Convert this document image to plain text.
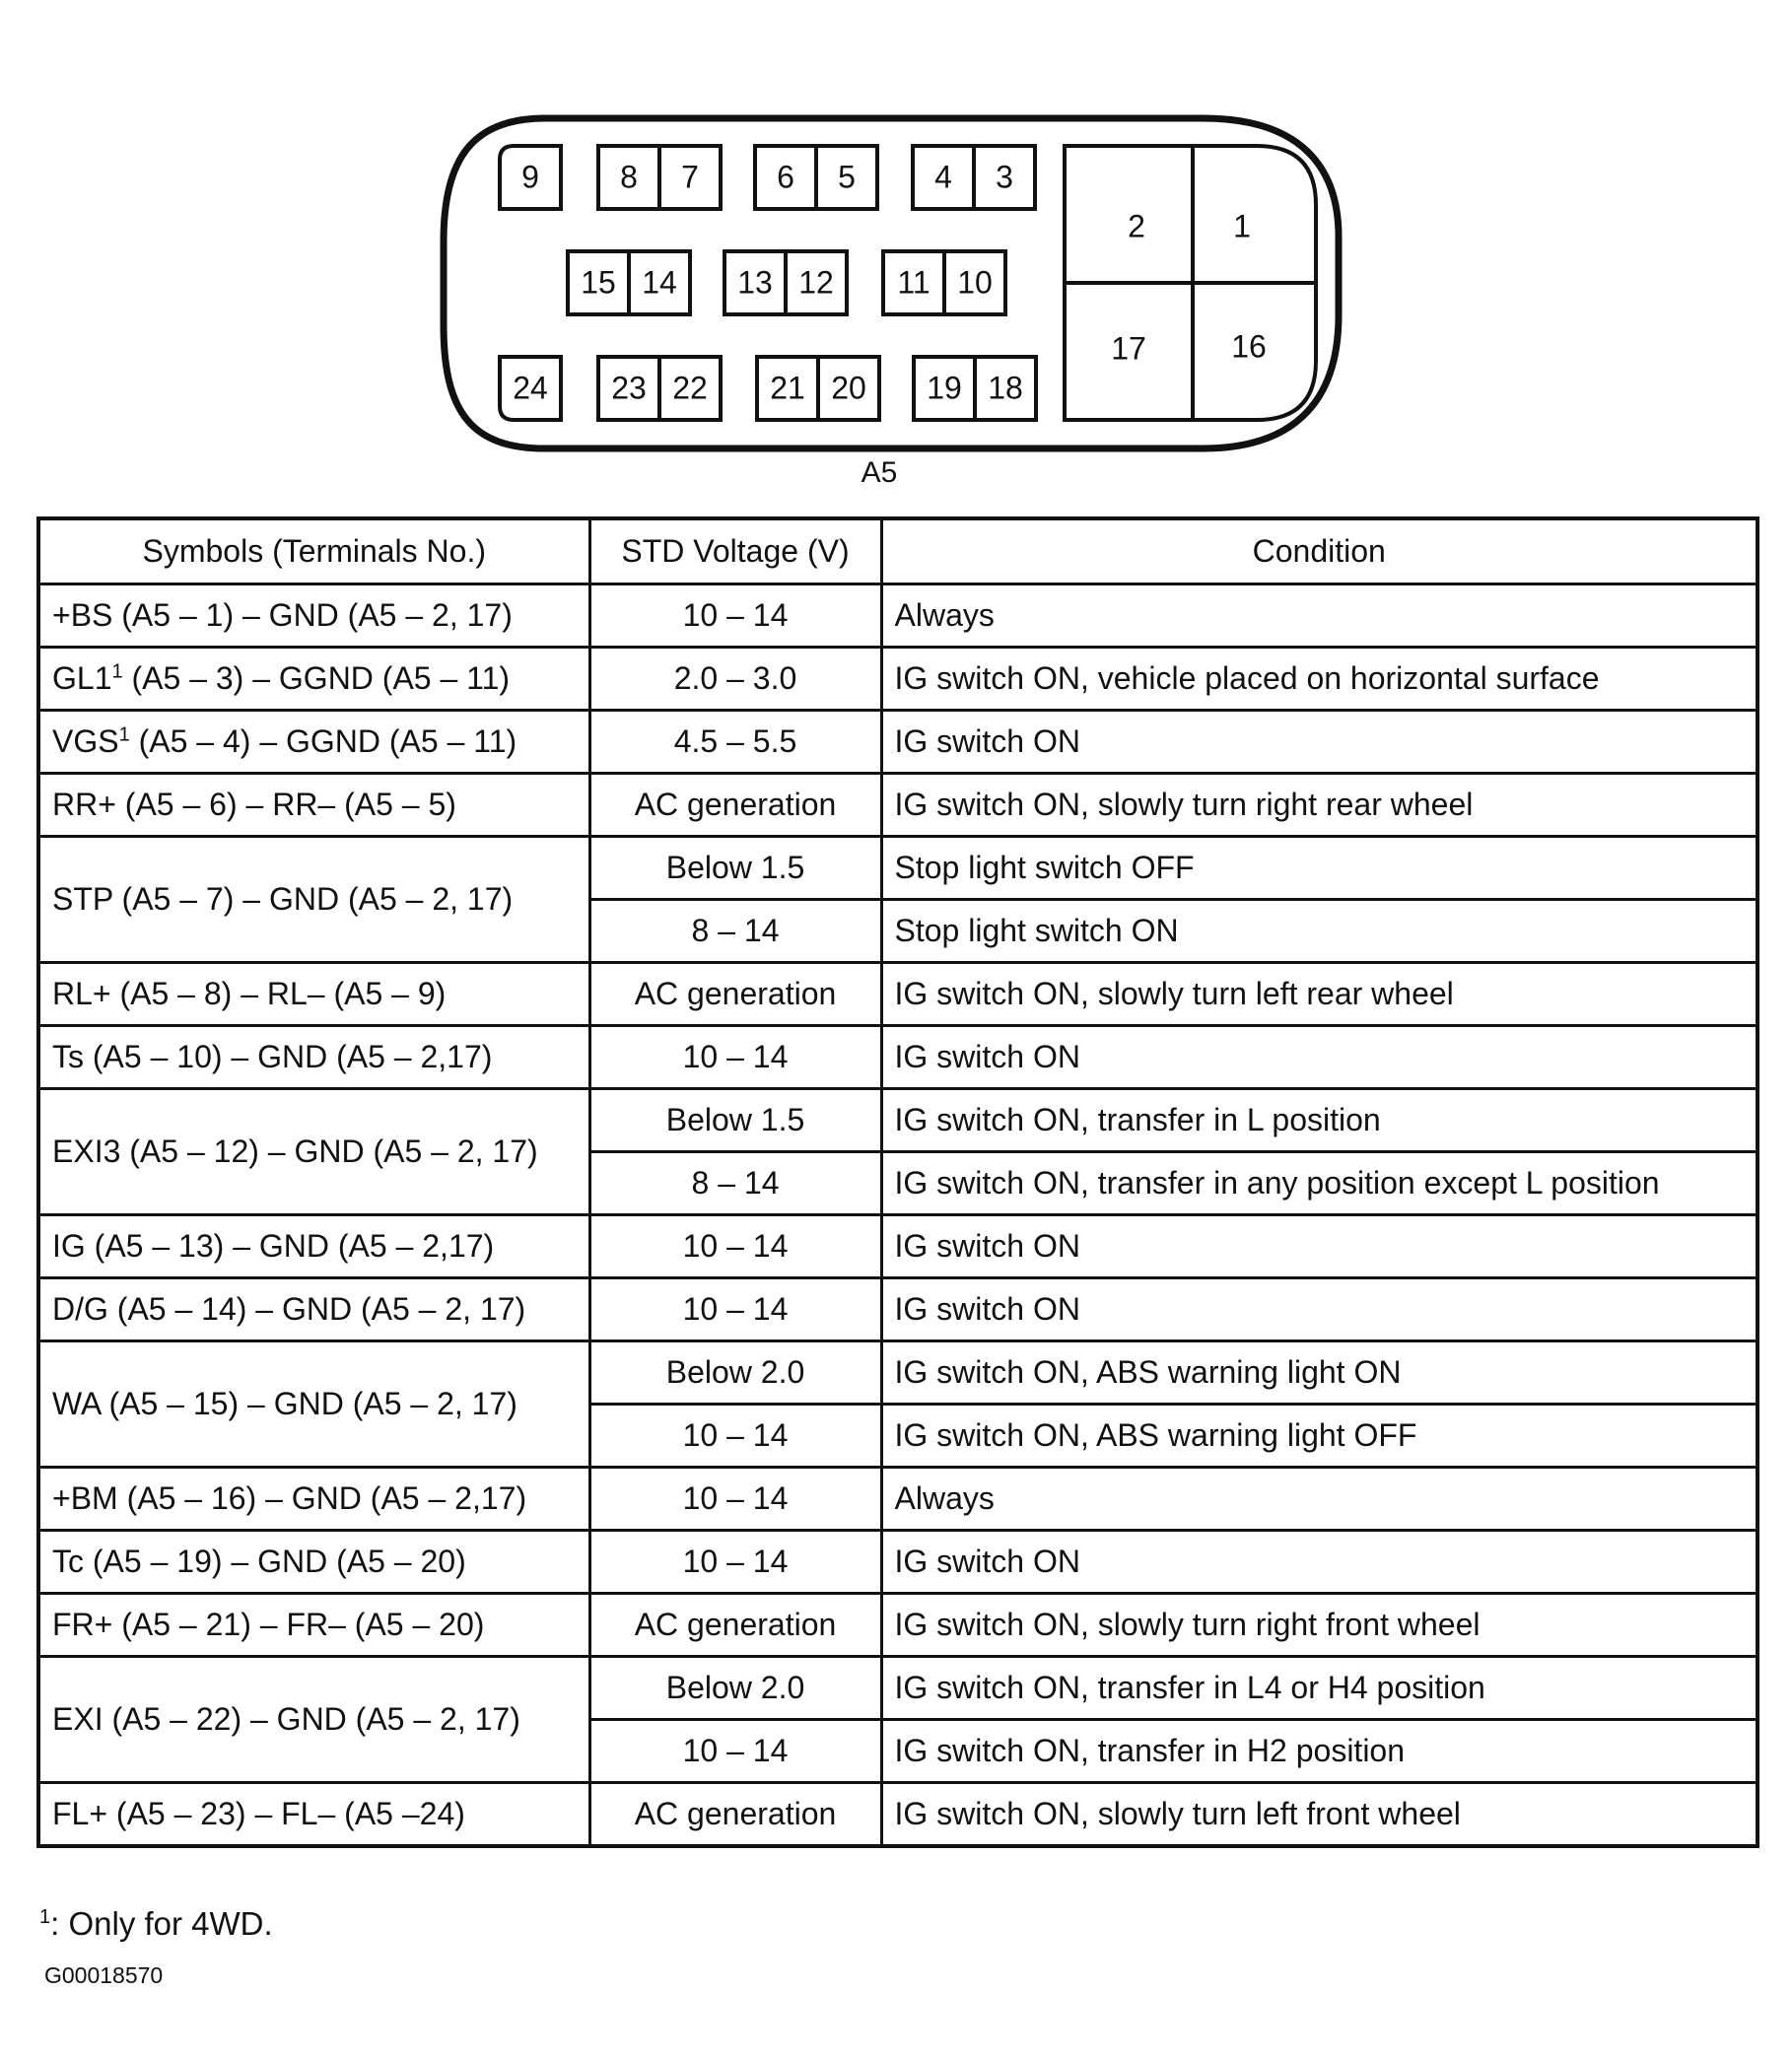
8 7 6 5	4 3
15 14 13 12 11 10
23 22 21 20 19 18
9
24
2	1
17	16
A5
Symbols (Terminals No.)	STD Voltage (V)	Condition
+BS (A5 – 1) – GND (A5 – 2, 17)	10 – 14	Always
$GL1^1$ (A5 – 3) – GGND (A5 – 11)	2.0 – 3.0	IG switch ON, vehicle placed on horizontal surface
VGS$^1$ (A5 – 4) – GGND (A5 – 11)	4.5 – 5.5	IG switch ON
RR+ (A5 – 6) – RR– (A5 – 5)	AC generation	IG switch ON, slowly turn right rear wheel
STP (A5 – 7) – GND (A5 – 2, 17)	Below 1.5	Stop light switch OFF
	8 – 14	Stop light switch ON
RL+ (A5 – 8) – RL– (A5 – 9)	AC generation	IG switch ON, slowly turn left rear wheel
Ts (A5 – 10) – GND (A5 – 2,17)	10 – 14	IG switch ON
EXI3 (A5 – 12) – GND (A5 – 2, 17)	Below 1.5	IG switch ON, transfer in L position
	8 – 14	IG switch ON, transfer in any position except L position
IG (A5 – 13) – GND (A5 – 2,17)	10 – 14	IG switch ON
D/G (A5 – 14) – GND (A5 – 2, 17)	10 – 14	IG switch ON
WA (A5 – 15) – GND (A5 – 2, 17)	Below 2.0	IG switch ON, ABS warning light ON
	10 – 14	IG switch ON, ABS warning light OFF
+BM (A5 – 16) – GND (A5 – 2,17)	10 – 14	Always
Tc (A5 – 19) – GND (A5 – 20)	10 – 14	IG switch ON
FR+ (A5 – 21) – FR– (A5 – 20)	AC generation	IG switch ON, slowly turn right front wheel
EXI (A5 – 22) – GND (A5 – 2, 17)	Below 2.0	IG switch ON, transfer in L4 or H4 position
	10 – 14	IG switch ON, transfer in H2 position
FL+ (A5 – 23) – FL– (A5 –24)	AC generation	IG switch ON, slowly turn left front wheel
$^1$: Only for 4WD.
G00018570
